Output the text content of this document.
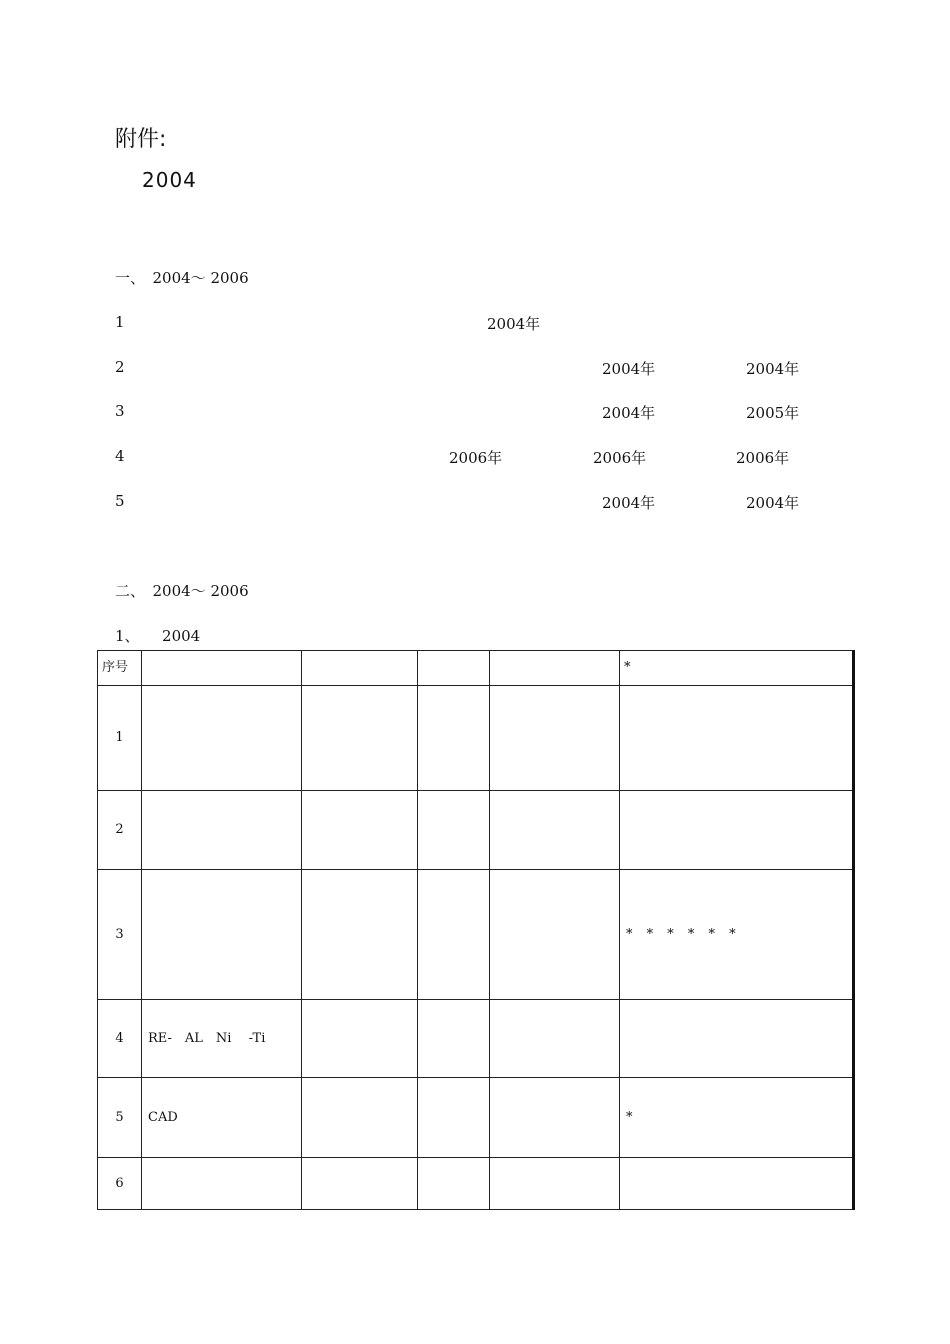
附件:
2004
一、　2004～ 2006
1	2004年
2	2004年	2004年
3	2004年	2005年
4	2006年	2006年	2006年
5	2004年	2004年
二、　2004～ 2006
1、　　2004
序号					*
1					
2					
3					* * * * * *
4	RE-　AL　Ni　 -Ti				
5	CAD				*
6					
